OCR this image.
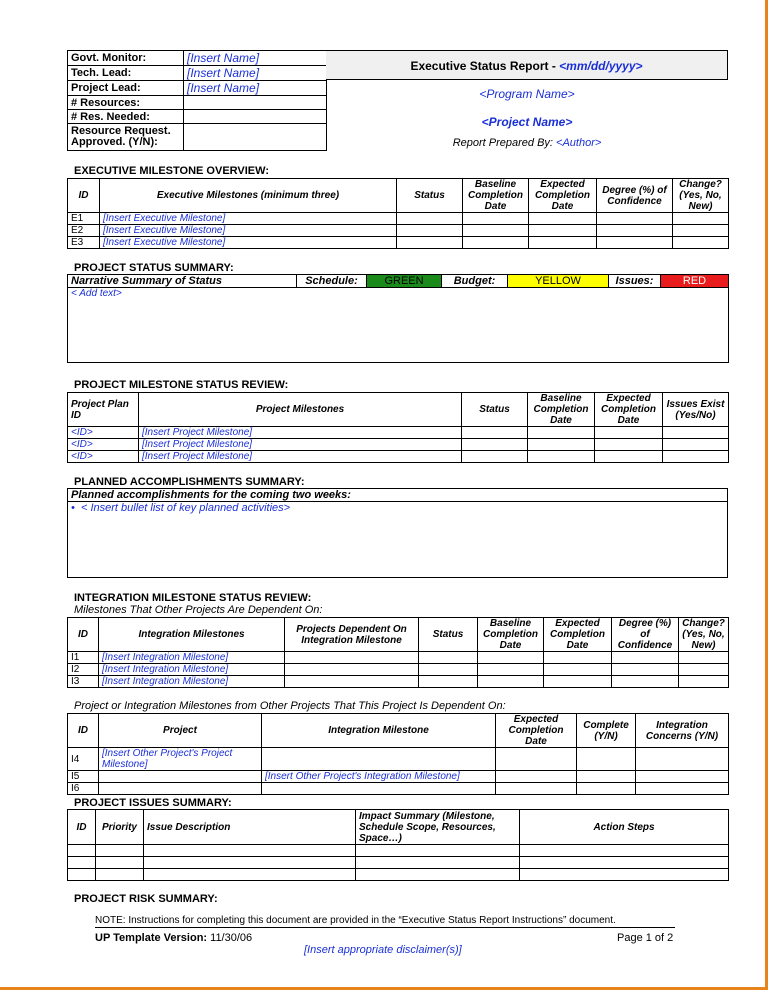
Govt. Monitor:	[Insert Name]
Tech. Lead:	[Insert Name]
Project Lead:	[Insert Name]
# Resources:	
# Res. Needed:	
Resource Request. Approved. (Y/N):	
Executive Status Report - <mm/dd/yyyy>
<Program Name>
<Project Name>
Report Prepared By: <Author>
EXECUTIVE MILESTONE OVERVIEW:
ID	Executive Milestones (minimum three)	Status	Baseline Completion Date	Expected Completion Date	Degree (%) of Confidence	Change? (Yes, No, New)
E1	[Insert Executive Milestone]					
E2	[Insert Executive Milestone]					
E3	[Insert Executive Milestone]					
PROJECT STATUS SUMMARY:
Narrative Summary of Status	Schedule:	GREEN	Budget:	YELLOW	Issues:	RED
< Add text>
PROJECT MILESTONE STATUS REVIEW:
Project Plan ID	Project Milestones	Status	Baseline Completion Date	Expected Completion Date	Issues Exist (Yes/No)
<ID>	[Insert Project Milestone]				
<ID>	[Insert Project Milestone]				
<ID>	[Insert Project Milestone]				
PLANNED ACCOMPLISHMENTS SUMMARY:
Planned accomplishments for the coming two weeks:
•  < Insert bullet list of key planned activities>
INTEGRATION MILESTONE STATUS REVIEW:
Milestones That Other Projects Are Dependent On:
ID	Integration Milestones	Projects Dependent On Integration Milestone	Status	Baseline Completion Date	Expected Completion Date	Degree (%) of Confidence	Change? (Yes, No, New)
I1	[Insert Integration Milestone]						
I2	[Insert Integration Milestone]						
I3	[Insert Integration Milestone]						
Project or Integration Milestones from Other Projects That This Project Is Dependent On:
ID	Project	Integration Milestone	Expected Completion Date	Complete (Y/N)	Integration Concerns (Y/N)
I4	[Insert Other Project's Project Milestone]				
I5		[Insert Other Project's Integration Milestone]			
I6					
PROJECT ISSUES SUMMARY:
ID	Priority	Issue Description	Impact Summary (Milestone, Schedule Scope, Resources, Space…)	Action Steps

PROJECT RISK SUMMARY:
NOTE: Instructions for completing this document are provided in the “Executive Status Report Instructions” document.
UP Template Version: 11/30/06	Page 1 of 2
[Insert appropriate disclaimer(s)]
